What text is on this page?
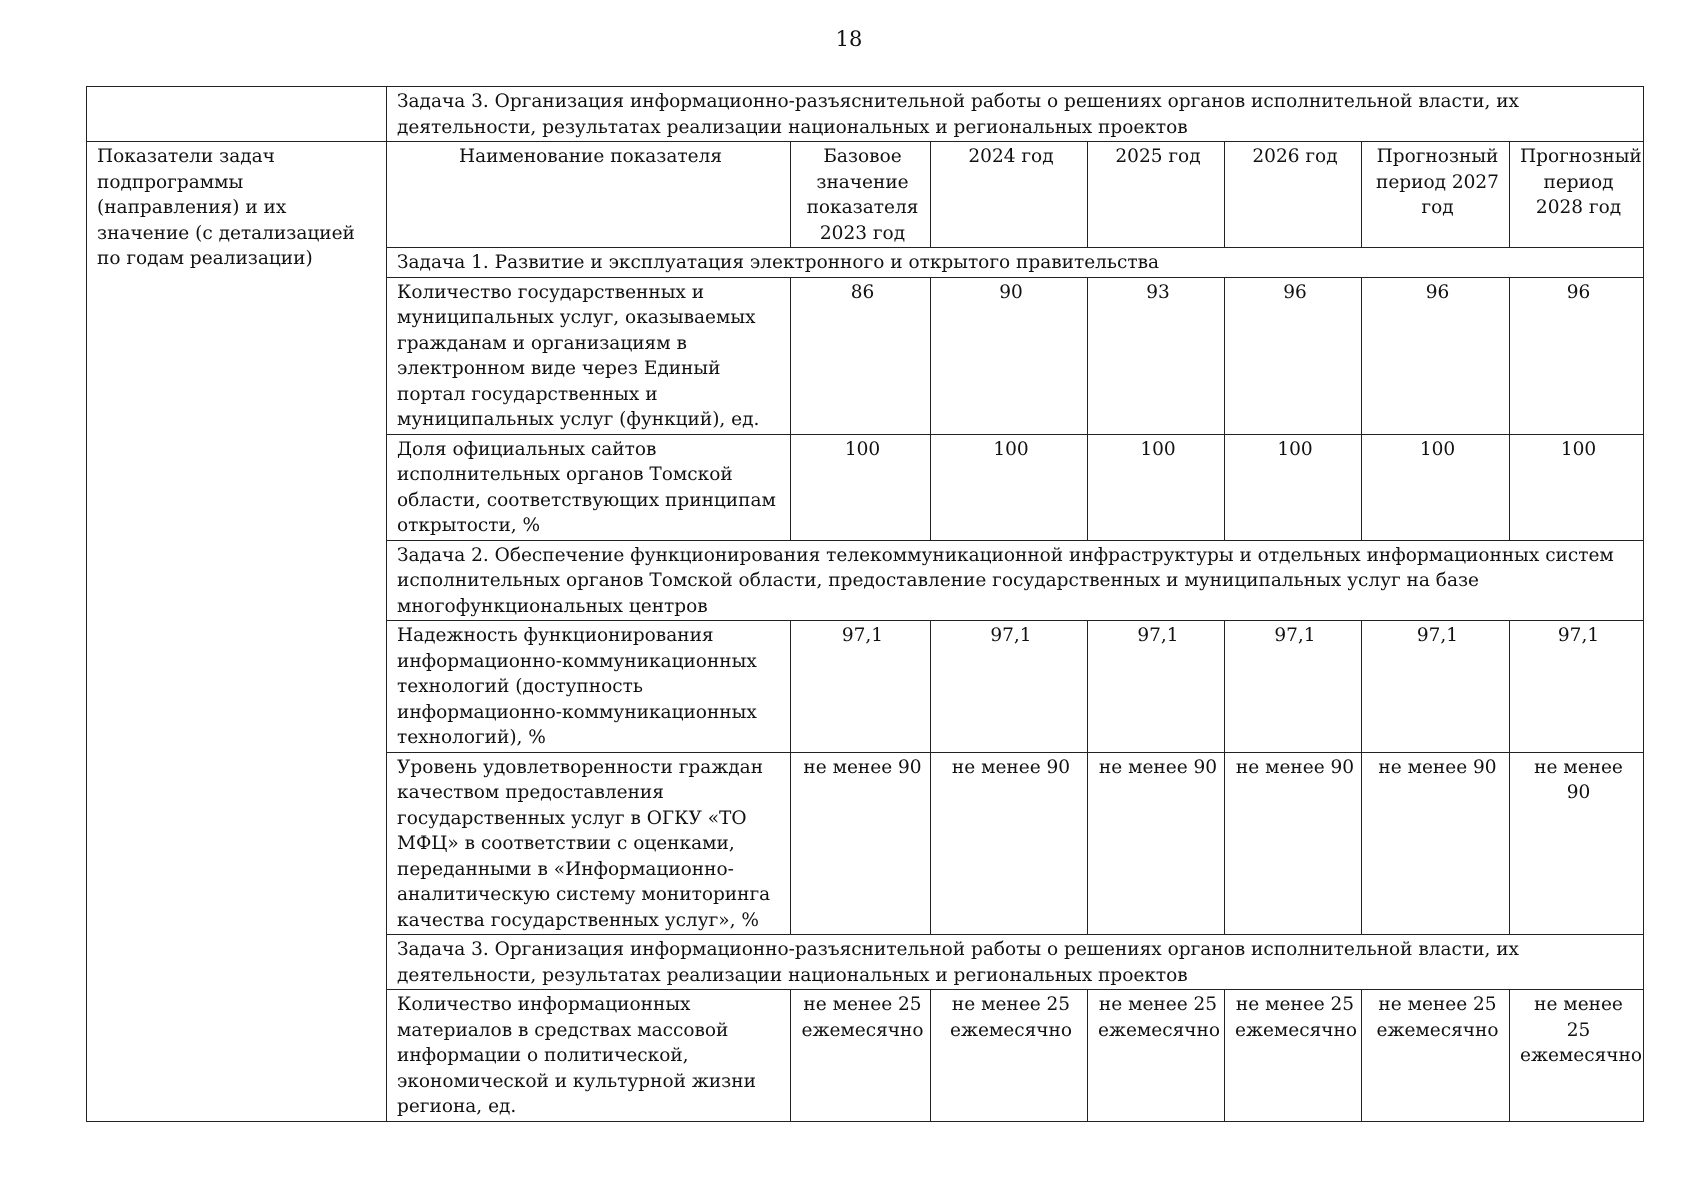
18
	Задача 3. Организация информационно-разъяснительной работы о решениях органов исполнительной власти, их деятельности, результатах реализации национальных и региональных проектов						
Показатели задач подпрограммы (направления) и их значение (с детализацией по годам реализации)	Наименование показателя	Базовое значение показателя 2023 год	2024 год	2025 год	2026 год	Прогнозный период 2027 год	Прогнозный период 2028 год
	Задача 1. Развитие и эксплуатация электронного и открытого правительства						
	Количество государственных и муниципальных услуг, оказываемых гражданам и организациям в электронном виде через Единый портал государственных и муниципальных услуг (функций), ед.	86	90	93	96	96	96
	Доля официальных сайтов исполнительных органов Томской области, соответствующих принципам открытости, %	100	100	100	100	100	100
	Задача 2. Обеспечение функционирования телекоммуникационной инфраструктуры и отдельных информационных систем исполнительных органов Томской области, предоставление государственных и муниципальных услуг на базе многофункциональных центров						
	Надежность функционирования информационно-коммуникационных технологий (доступность информационно-коммуникационных технологий), %	97,1	97,1	97,1	97,1	97,1	97,1
	Уровень удовлетворенности граждан качеством предоставления государственных услуг в ОГКУ «ТО МФЦ» в соответствии с оценками, переданными в «Информационно-аналитическую систему мониторинга качества государственных услуг», %	не менее 90	не менее 90	не менее 90	не менее 90	не менее 90	не менее 90
	Задача 3. Организация информационно-разъяснительной работы о решениях органов исполнительной власти, их деятельности, результатах реализации национальных и региональных проектов						
	Количество информационных материалов в средствах массовой информации о политической, экономической и культурной жизни региона, ед.	не менее 25 ежемесячно	не менее 25 ежемесячно	не менее 25 ежемесячно	не менее 25 ежемесячно	не менее 25 ежемесячно	не менее 25 ежемесячно
